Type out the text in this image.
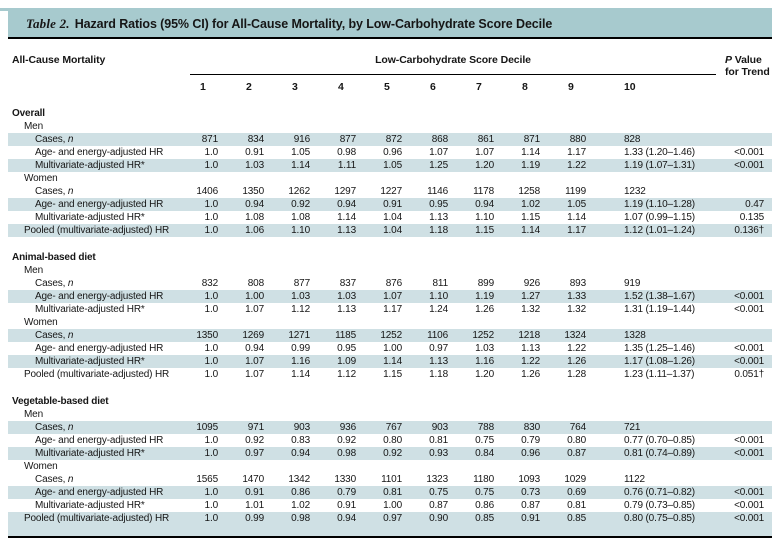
Table 2. Hazard Ratios (95% CI) for All-Cause Mortality, by Low-Carbohydrate Score Decile
All-Cause Mortality	Low-Carbohydrate Score Decile										P Value
for Trend

	1	2	3	4	5	6	7	8	9	10	

Overall											
Men											
Cases, n	871	834	916	877	872	868	861	871	880	828	
Age- and energy-adjusted HR	1.0	0.91	1.05	0.98	0.96	1.07	1.07	1.14	1.17	1.33 (1.20–1.46)	<0.001
Multivariate-adjusted HR*	1.0	1.03	1.14	1.11	1.05	1.25	1.20	1.19	1.22	1.19 (1.07–1.31)	<0.001
Women											
Cases, n	1406	1350	1262	1297	1227	1146	1178	1258	1199	1232	
Age- and energy-adjusted HR	1.0	0.94	0.92	0.94	0.91	0.95	0.94	1.02	1.05	1.19 (1.10–1.28)	0.47
Multivariate-adjusted HR*	1.0	1.08	1.08	1.14	1.04	1.13	1.10	1.15	1.14	1.07 (0.99–1.15)	0.135
Pooled (multivariate-adjusted) HR	1.0	1.06	1.10	1.13	1.04	1.18	1.15	1.14	1.17	1.12 (1.01–1.24)	0.136†

Animal-based diet											
Men											
Cases, n	832	808	877	837	876	811	899	926	893	919	
Age- and energy-adjusted HR	1.0	1.00	1.03	1.03	1.07	1.10	1.19	1.27	1.33	1.52 (1.38–1.67)	<0.001
Multivariate-adjusted HR*	1.0	1.07	1.12	1.13	1.17	1.24	1.26	1.32	1.32	1.31 (1.19–1.44)	<0.001
Women											
Cases, n	1350	1269	1271	1185	1252	1106	1252	1218	1324	1328	
Age- and energy-adjusted HR	1.0	0.94	0.99	0.95	1.00	0.97	1.03	1.13	1.22	1.35 (1.25–1.46)	<0.001
Multivariate-adjusted HR*	1.0	1.07	1.16	1.09	1.14	1.13	1.16	1.22	1.26	1.17 (1.08–1.26)	<0.001
Pooled (multivariate-adjusted) HR	1.0	1.07	1.14	1.12	1.15	1.18	1.20	1.26	1.28	1.23 (1.11–1.37)	0.051†

Vegetable-based diet											
Men											
Cases, n	1095	971	903	936	767	903	788	830	764	721	
Age- and energy-adjusted HR	1.0	0.92	0.83	0.92	0.80	0.81	0.75	0.79	0.80	0.77 (0.70–0.85)	<0.001
Multivariate-adjusted HR*	1.0	0.97	0.94	0.98	0.92	0.93	0.84	0.96	0.87	0.81 (0.74–0.89)	<0.001
Women											
Cases, n	1565	1470	1342	1330	1101	1323	1180	1093	1029	1122	
Age- and energy-adjusted HR	1.0	0.91	0.86	0.79	0.81	0.75	0.75	0.73	0.69	0.76 (0.71–0.82)	<0.001
Multivariate-adjusted HR*	1.0	1.01	1.02	0.91	1.00	0.87	0.86	0.87	0.81	0.79 (0.73–0.85)	<0.001
Pooled (multivariate-adjusted) HR	1.0	0.99	0.98	0.94	0.97	0.90	0.85	0.91	0.85	0.80 (0.75–0.85)	<0.001
